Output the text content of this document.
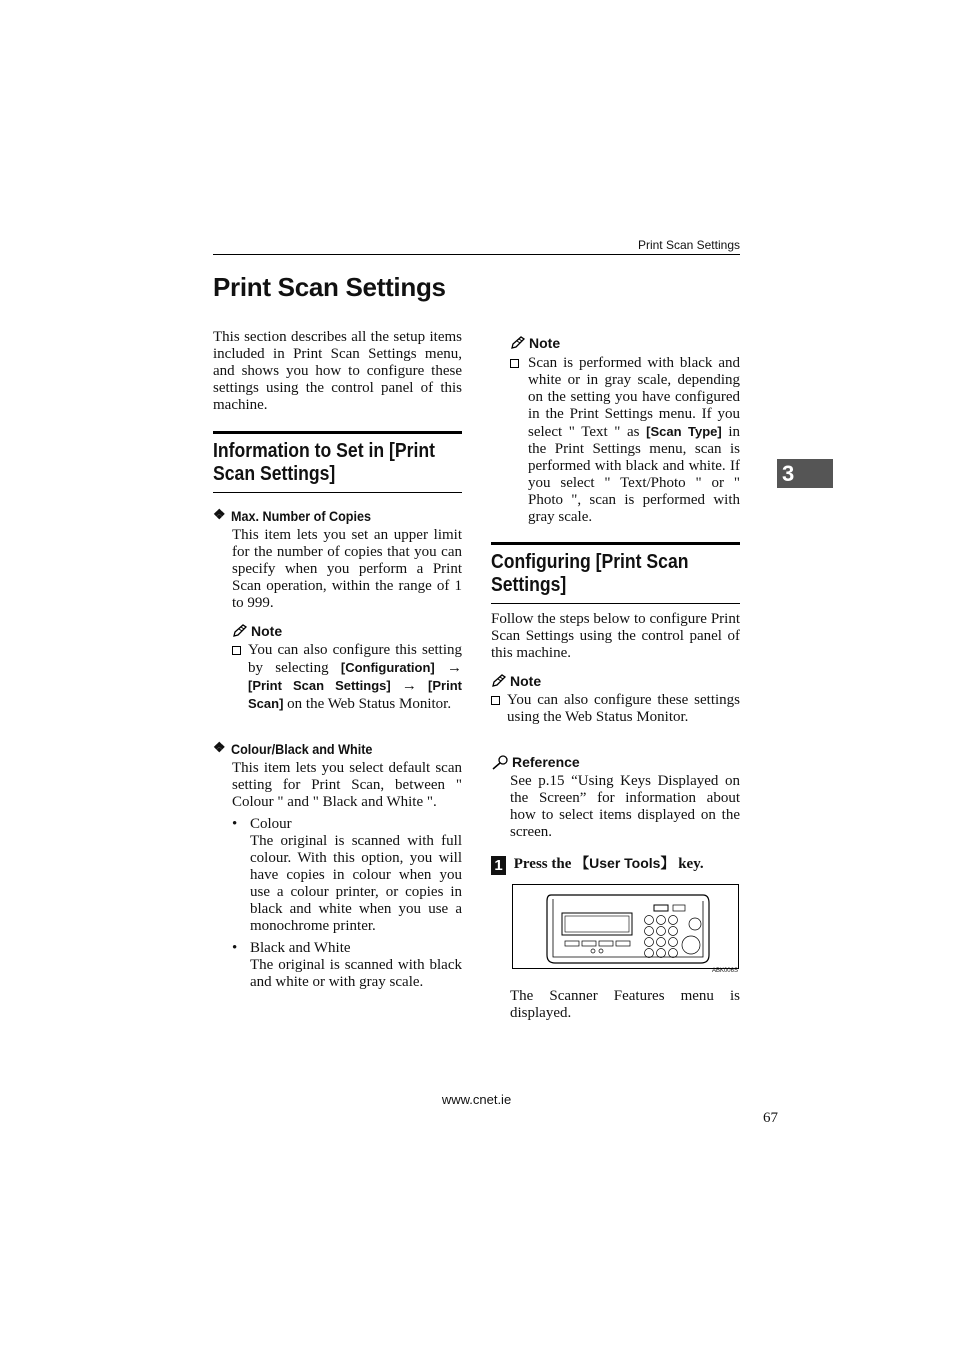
Print Scan Settings
Print Scan Settings
3
This section describes all the setup items included in Print Scan Settings menu, and shows you how to configure these settings using the control panel of this machine.
Information to Set in [Print Scan Settings]
❖ Max. Number of Copies
This item lets you set an upper limit for the number of copies that you can specify when you perform a Print Scan operation, within the range of 1 to 999.
Note
You can also configure this setting by selecting [Configuration] → [Print Scan Settings] → [Print Scan] on the Web Status Monitor.
❖ Colour/Black and White
This item lets you select default scan setting for Print Scan, between " Colour " and " Black and White ".
• Colour
The original is scanned with full colour. With this option, you will have copies in colour when you use a colour printer, or copies in black and white when you use a monochrome printer.
• Black and White
The original is scanned with black and white or with gray scale.
Note
Scan is performed with black and white or in gray scale, depending on the setting you have configured in the Print Settings menu. If you select " Text " as [Scan Type] in the Print Settings menu, scan is performed with black and white. If you select " Text/Photo " or " Photo ", scan is performed with gray scale.
Configuring [Print Scan Settings]
Follow the steps below to configure Print Scan Settings using the control panel of this machine.
Note
You can also configure these settings using the Web Status Monitor.
Reference
See p.15 “Using Keys Displayed on the Screen” for information about how to select items displayed on the screen.
1 Press the 【User Tools】 key.
ABK006S
The Scanner Features menu is displayed.
www.cnet.ie
67
